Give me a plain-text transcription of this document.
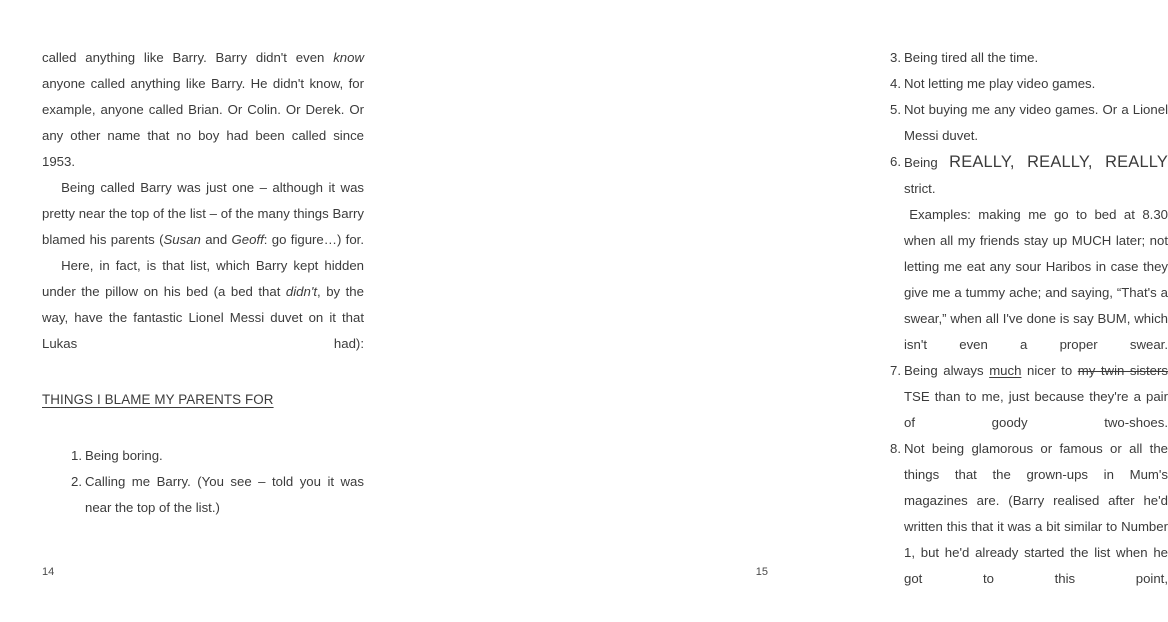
called anything like Barry. Barry didn't even know anyone called anything like Barry. He didn't know, for example, anyone called Brian. Or Colin. Or Derek. Or any other name that no boy had been called since 1953.

Being called Barry was just one – although it was pretty near the top of the list – of the many things Barry blamed his parents (Susan and Geoff: go figure…) for.

Here, in fact, is that list, which Barry kept hidden under the pillow on his bed (a bed that didn't, by the way, have the fantastic Lionel Messi duvet on it that Lukas had):

THINGS I BLAME MY PARENTS FOR

1. Being boring.
2. Calling me Barry. (You see – told you it was near the top of the list.)
14
3. Being tired all the time.
4. Not letting me play video games.
5. Not buying me any video games. Or a Lionel Messi duvet.
6. Being REALLY, REALLY, REALLY strict.
Examples: making me go to bed at 8.30 when all my friends stay up MUCH later; not letting me eat any sour Haribos in case they give me a tummy ache; and saying, “That's a swear,” when all I've done is say BUM, which isn't even a proper swear.
7. Being always much nicer to my twin sisters TSE than to me, just because they're a pair of goody two-shoes.
8. Not being glamorous or famous or all the things that the grown-ups in Mum's magazines are. (Barry realised after he'd written this that it was a bit similar to Number 1, but he'd already started the list when he got to this point,
15
